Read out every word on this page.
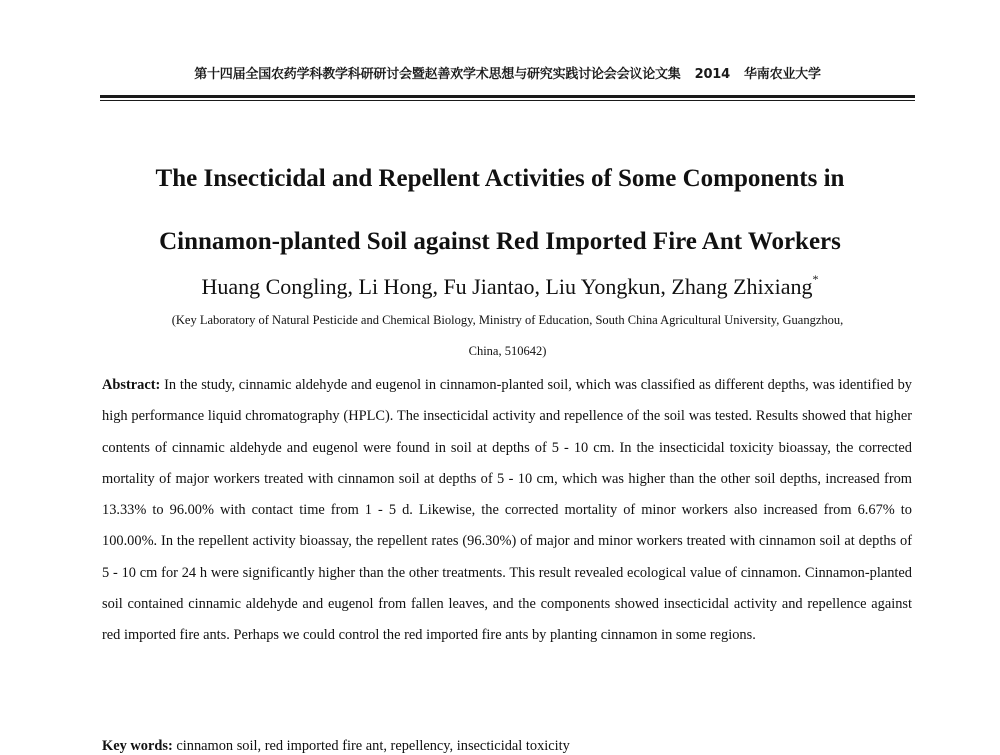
第十四届全国农药学科教学科研研讨会暨赵善欢学术思想与研究实践讨论会会议论文集 2014 华南农业大学
The Insecticidal and Repellent Activities of Some Components in
Cinnamon-planted Soil against Red Imported Fire Ant Workers
Huang Congling, Li Hong, Fu Jiantao, Liu Yongkun, Zhang Zhixiang*
(Key Laboratory of Natural Pesticide and Chemical Biology, Ministry of Education, South China Agricultural University, Guangzhou,
China, 510642)
Abstract: In the study, cinnamic aldehyde and eugenol in cinnamon-planted soil, which was classified as different depths, was identified by high performance liquid chromatography (HPLC). The insecticidal activity and repellence of the soil was tested. Results showed that higher contents of cinnamic aldehyde and eugenol were found in soil at depths of 5 - 10 cm. In the insecticidal toxicity bioassay, the corrected mortality of major workers treated with cinnamon soil at depths of 5 - 10 cm, which was higher than the other soil depths, increased from 13.33% to 96.00% with contact time from 1 - 5 d. Likewise, the corrected mortality of minor workers also increased from 6.67% to 100.00%. In the repellent activity bioassay, the repellent rates (96.30%) of major and minor workers treated with cinnamon soil at depths of 5 - 10 cm for 24 h were significantly higher than the other treatments. This result revealed ecological value of cinnamon. Cinnamon-planted soil contained cinnamic aldehyde and eugenol from fallen leaves, and the components showed insecticidal activity and repellence against red imported fire ants. Perhaps we could control the red imported fire ants by planting cinnamon in some regions.
Key words: cinnamon soil, red imported fire ant, repellency, insecticidal toxicity
